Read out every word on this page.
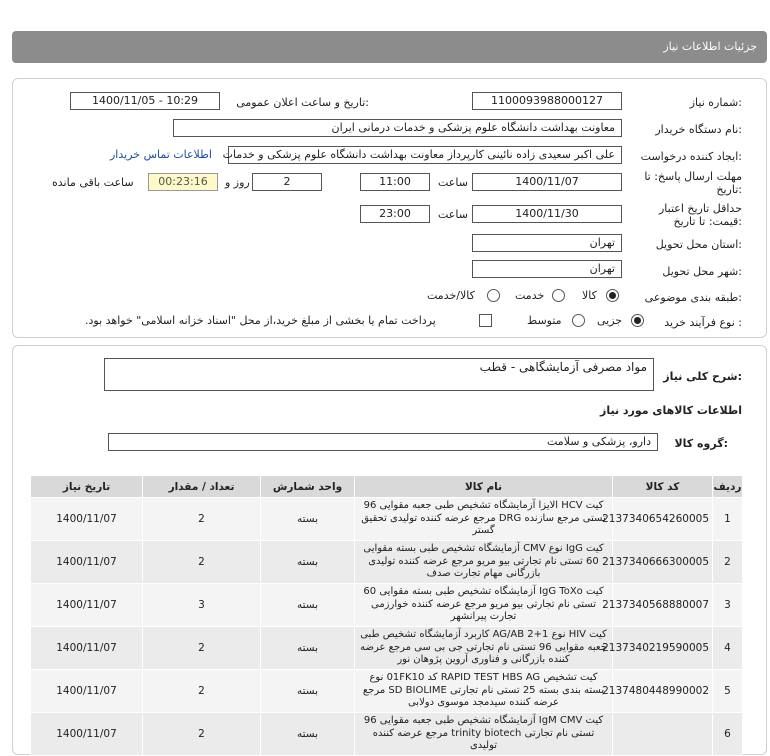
جزئیات اطلاعات نیاز
شماره نیاز:
1100093988000127
تاریخ و ساعت اعلان عمومی:
1400/11/05 - 10:29
نام دستگاه خریدار:
معاونت بهداشت دانشگاه علوم پزشکی و خدمات درمانی ایران
ایجاد کننده درخواست:
علی اکبر سعیدی زاده نائینی کارپرداز معاونت بهداشت دانشگاه علوم پزشکی و خدمات
اطلاعات تماس خریدار
مهلت ارسال پاسخ: تا
تاریخ:
1400/11/07
ساعت
11:00
2
روز و
00:23:16
ساعت باقی مانده
حداقل تاریخ اعتبار
قیمت: تا تاریخ:
1400/11/30
ساعت
23:00
استان محل تحویل:
تهران
شهر محل تحویل:
تهران
طبقه بندی موضوعی:
کالا
خدمت
کالا/خدمت
نوع فرآیند خرید :
جزیی
متوسط
پرداخت تمام یا بخشی از مبلغ خرید،از محل "اسناد خزانه اسلامی" خواهد بود.
شرح کلی نیاز:
مواد مصرفی آزمایشگاهی - قطب
اطلاعات کالاهای مورد نیاز
گروه کالا:
دارو، پزشکی و سلامت
ردیف	کد کالا	نام کالا	واحد شمارش	تعداد / مقدار	تاریخ نیاز
1	2137340654260005	کیت HCV الایزا آزمایشگاه تشخیص طبی جعبه مقوایی 96 تستی مرجع سازنده DRG مرجع عرضه کننده تولیدی تحقیق گستر	بسته	2	1400/11/07
2	2137340666300005	کیت IgG نوع CMV آزمایشگاه تشخیص طبی بسته مقوایی 60 تستی نام تجارتی بیو مریو مرجع عرضه کننده تولیدی بازرگانی مهام تجارت صدف	بسته	2	1400/11/07
3	2137340568880007	کیت IgG ToXo آزمایشگاه تشخیص طبی بسته مقوایی 60 تستی نام تجارتی بیو مریو مرجع عرضه کننده خوارزمی تجارت پیرانشهر	بسته	3	1400/11/07
4	2137340219590005	کیت HIV نوع 1+2 AG/AB کاربرد آزمایشگاه تشخیص طبی جعبه مقوایی 96 تستی نام تجارتی جی بی سی مرجع عرضه کننده بازرگانی و فناوری آروین پژوهان نور	بسته	2	1400/11/07
5	2137480448990002	کیت تشخیص RAPID TEST HBS AG کد 01FK10 نوع بسته بندی بسته 25 تستی نام تجارتی SD BIOLIME مرجع عرضه کننده سیدمجد موسوی دولابی	بسته	2	1400/11/07
6		کیت IgM CMV آزمایشگاه تشخیص طبی جعبه مقوایی 96 تستی نام تجارتی trinity biotech مرجع عرضه کننده تولیدی	بسته	2	1400/11/07
